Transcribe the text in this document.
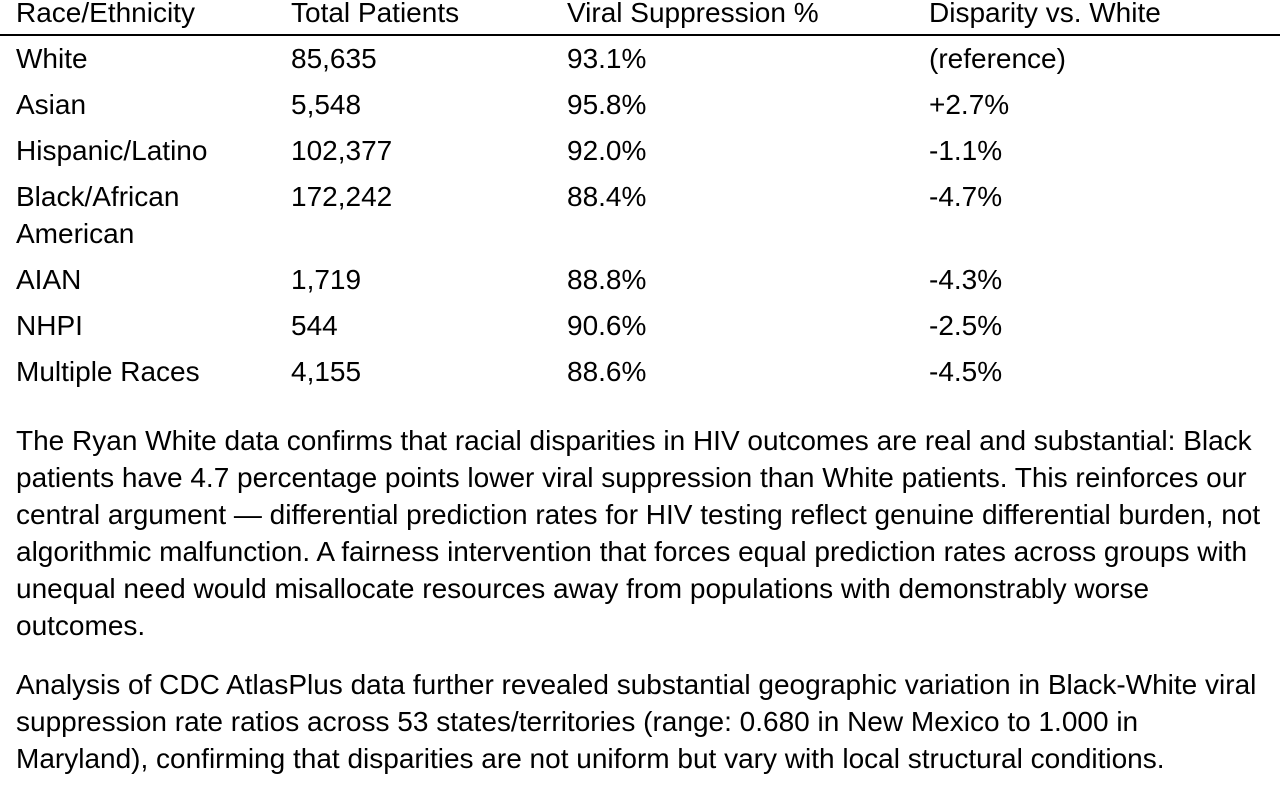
Race/Ethnicity	Total Patients	Viral Suppression %	Disparity vs. White
White	85,635	93.1%	(reference)
Asian	5,548	95.8%	+2.7%
Hispanic/Latino	102,377	92.0%	-1.1%
Black/African American	172,242	88.4%	-4.7%
AIAN	1,719	88.8%	-4.3%
NHPI	544	90.6%	-2.5%
Multiple Races	4,155	88.6%	-4.5%

The Ryan White data confirms that racial disparities in HIV outcomes are real and substantial: Black patients have 4.7 percentage points lower viral suppression than White patients. This reinforces our central argument — differential prediction rates for HIV testing reflect genuine differential burden, not algorithmic malfunction. A fairness intervention that forces equal prediction rates across groups with unequal need would misallocate resources away from populations with demonstrably worse outcomes.

Analysis of CDC AtlasPlus data further revealed substantial geographic variation in Black-White viral suppression rate ratios across 53 states/territories (range: 0.680 in New Mexico to 1.000 in Maryland), confirming that disparities are not uniform but vary with local structural conditions.
